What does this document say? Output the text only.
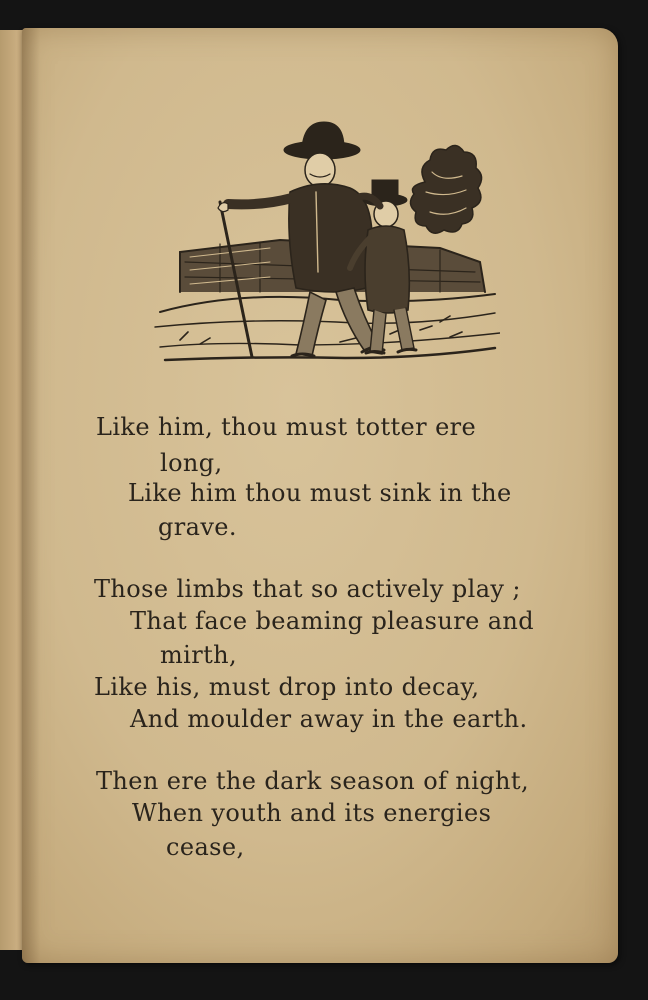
Like him, thou must totter ere
long,
Like him thou must sink in the
grave.
Those limbs that so actively play ;
That face beaming pleasure and
mirth,
Like his, must drop into decay,
And moulder away in the earth.
Then ere the dark season of night,
When youth and its energies
cease,
